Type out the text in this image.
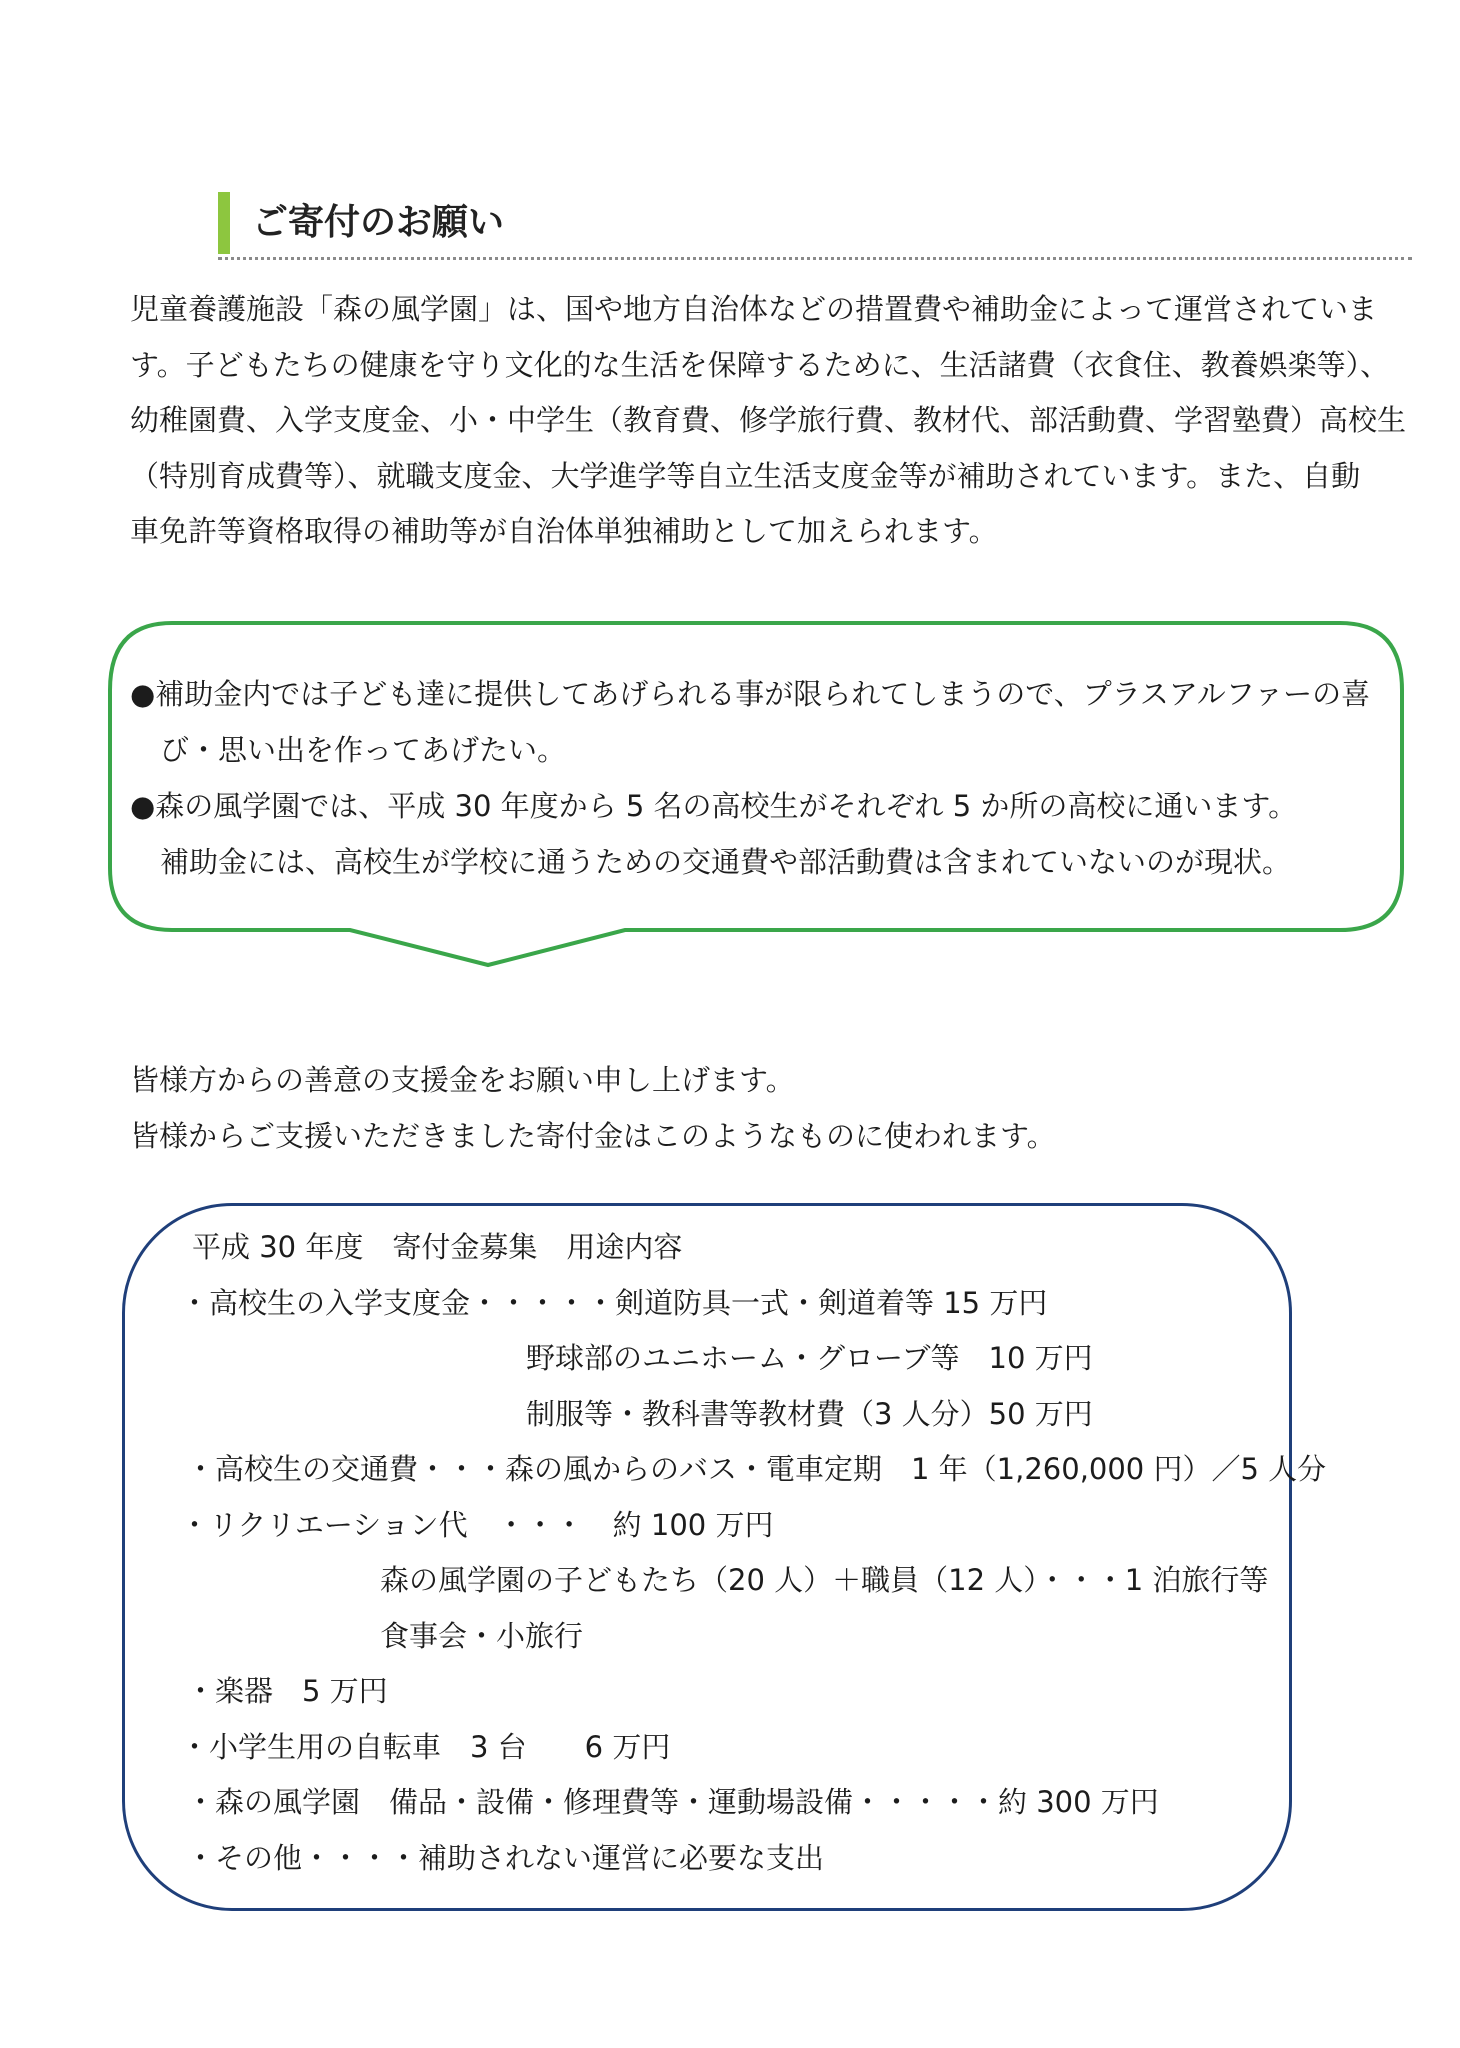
ご寄付のお願い
児童養護施設「森の風学園」は、国や地方自治体などの措置費や補助金によって運営されていま
す。子どもたちの健康を守り文化的な生活を保障するために、生活諸費（衣食住、教養娯楽等）、
幼稚園費、入学支度金、小・中学生（教育費、修学旅行費、教材代、部活動費、学習塾費）高校生
（特別育成費等）、就職支度金、大学進学等自立生活支度金等が補助されています。また、自動
車免許等資格取得の補助等が自治体単独補助として加えられます。
●補助金内では子ども達に提供してあげられる事が限られてしまうので、プラスアルファーの喜
び・思い出を作ってあげたい。
●森の風学園では、平成 30 年度から 5 名の高校生がそれぞれ 5 か所の高校に通います。
補助金には、高校生が学校に通うための交通費や部活動費は含まれていないのが現状。
皆様方からの善意の支援金をお願い申し上げます。
皆様からご支援いただきました寄付金はこのようなものに使われます。
平成 30 年度　寄付金募集　用途内容
・高校生の入学支度金・・・・・剣道防具一式・剣道着等 15 万円
野球部のユニホーム・グローブ等　10 万円
制服等・教科書等教材費（3 人分）50 万円
・高校生の交通費・・・森の風からのバス・電車定期　1 年（1,260,000 円）／5 人分
・リクリエーション代　・・・　約 100 万円
森の風学園の子どもたち（20 人）＋職員（12 人）・・・1 泊旅行等
食事会・小旅行
・楽器　5 万円
・小学生用の自転車　3 台　　6 万円
・森の風学園　備品・設備・修理費等・運動場設備・・・・・約 300 万円
・その他・・・・補助されない運営に必要な支出
